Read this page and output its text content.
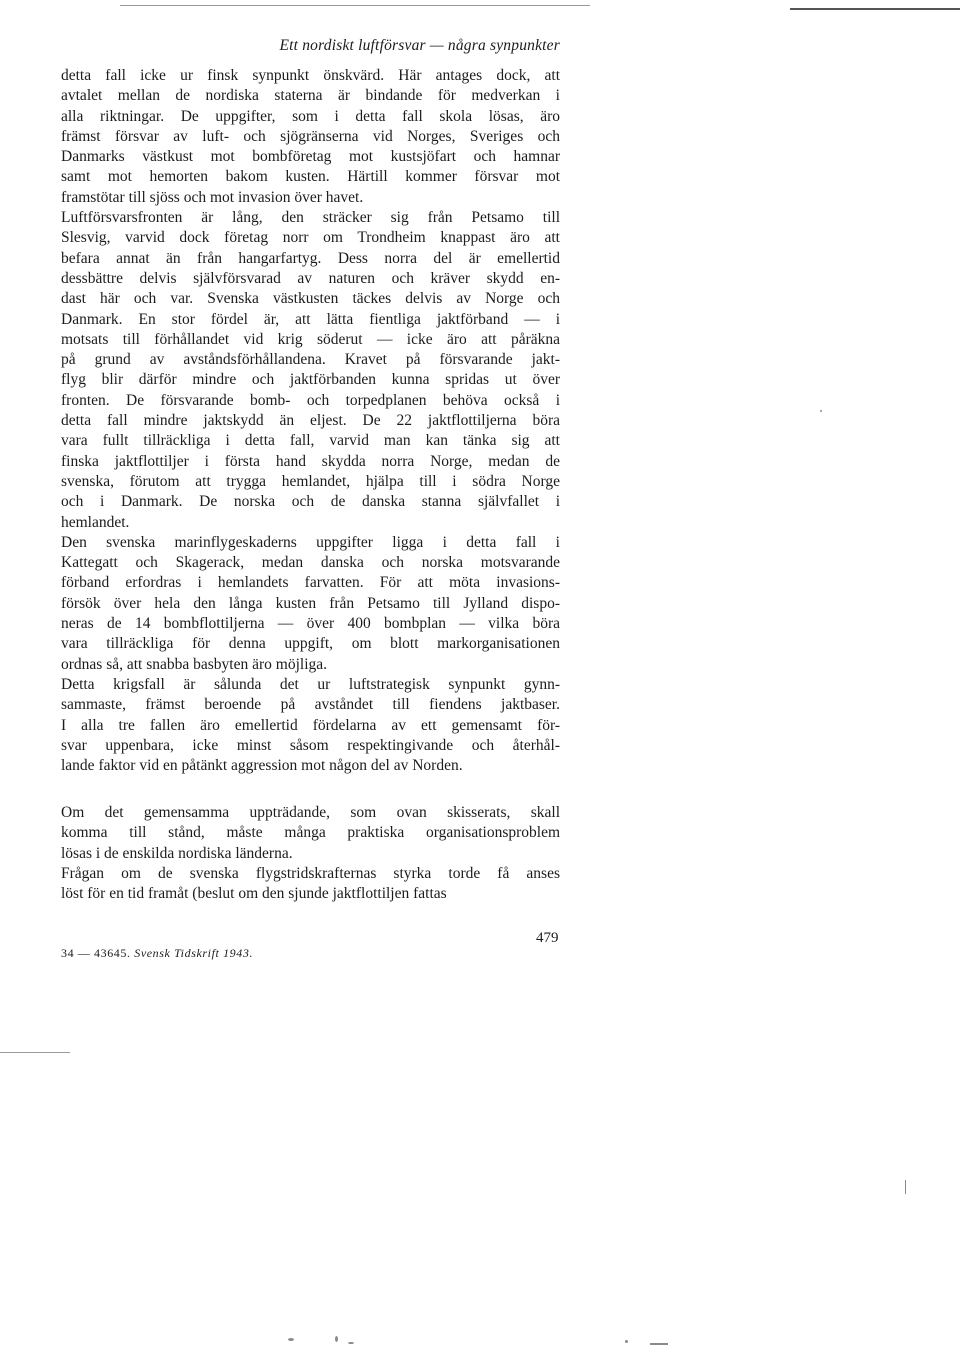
Ett nordiskt luftförsvar — några synpunkter
detta fall icke ur finsk synpunkt önskvärd. Här antages dock, att
avtalet mellan de nordiska staterna är bindande för medverkan i
alla riktningar. De uppgifter, som i detta fall skola lösas, äro
främst försvar av luft- och sjögränserna vid Norges, Sveriges och
Danmarks västkust mot bombföretag mot kustsjöfart och hamnar
samt mot hemorten bakom kusten. Härtill kommer försvar mot
framstötar till sjöss och mot invasion över havet.
Luftförsvarsfronten är lång, den sträcker sig från Petsamo till
Slesvig, varvid dock företag norr om Trondheim knappast äro att
befara annat än från hangarfartyg. Dess norra del är emellertid
dessbättre delvis självförsvarad av naturen och kräver skydd en-
dast här och var. Svenska västkusten täckes delvis av Norge och
Danmark. En stor fördel är, att lätta fientliga jaktförband — i
motsats till förhållandet vid krig söderut — icke äro att påräkna
på grund av avståndsförhållandena. Kravet på försvarande jakt-
flyg blir därför mindre och jaktförbanden kunna spridas ut över
fronten. De försvarande bomb- och torpedplanen behöva också i
detta fall mindre jaktskydd än eljest. De 22 jaktflottiljerna böra
vara fullt tillräckliga i detta fall, varvid man kan tänka sig att
finska jaktflottiljer i första hand skydda norra Norge, medan de
svenska, förutom att trygga hemlandet, hjälpa till i södra Norge
och i Danmark. De norska och de danska stanna självfallet i
hemlandet.
Den svenska marinflygeskaderns uppgifter ligga i detta fall i
Kattegatt och Skagerack, medan danska och norska motsvarande
förband erfordras i hemlandets farvatten. För att möta invasions-
försök över hela den långa kusten från Petsamo till Jylland dispo-
neras de 14 bombflottiljerna — över 400 bombplan — vilka böra
vara tillräckliga för denna uppgift, om blott markorganisationen
ordnas så, att snabba basbyten äro möjliga.
Detta krigsfall är sålunda det ur luftstrategisk synpunkt gynn-
sammaste, främst beroende på avståndet till fiendens jaktbaser.
I alla tre fallen äro emellertid fördelarna av ett gemensamt för-
svar uppenbara, icke minst såsom respektingivande och återhål-
lande faktor vid en påtänkt aggression mot någon del av Norden.
Om det gemensamma uppträdande, som ovan skisserats, skall
komma till stånd, måste många praktiska organisationsproblem
lösas i de enskilda nordiska länderna.
Frågan om de svenska flygstridskrafternas styrka torde få anses
löst för en tid framåt (beslut om den sjunde jaktflottiljen fattas
34 — 43645. Svensk Tidskrift 1943.
479
